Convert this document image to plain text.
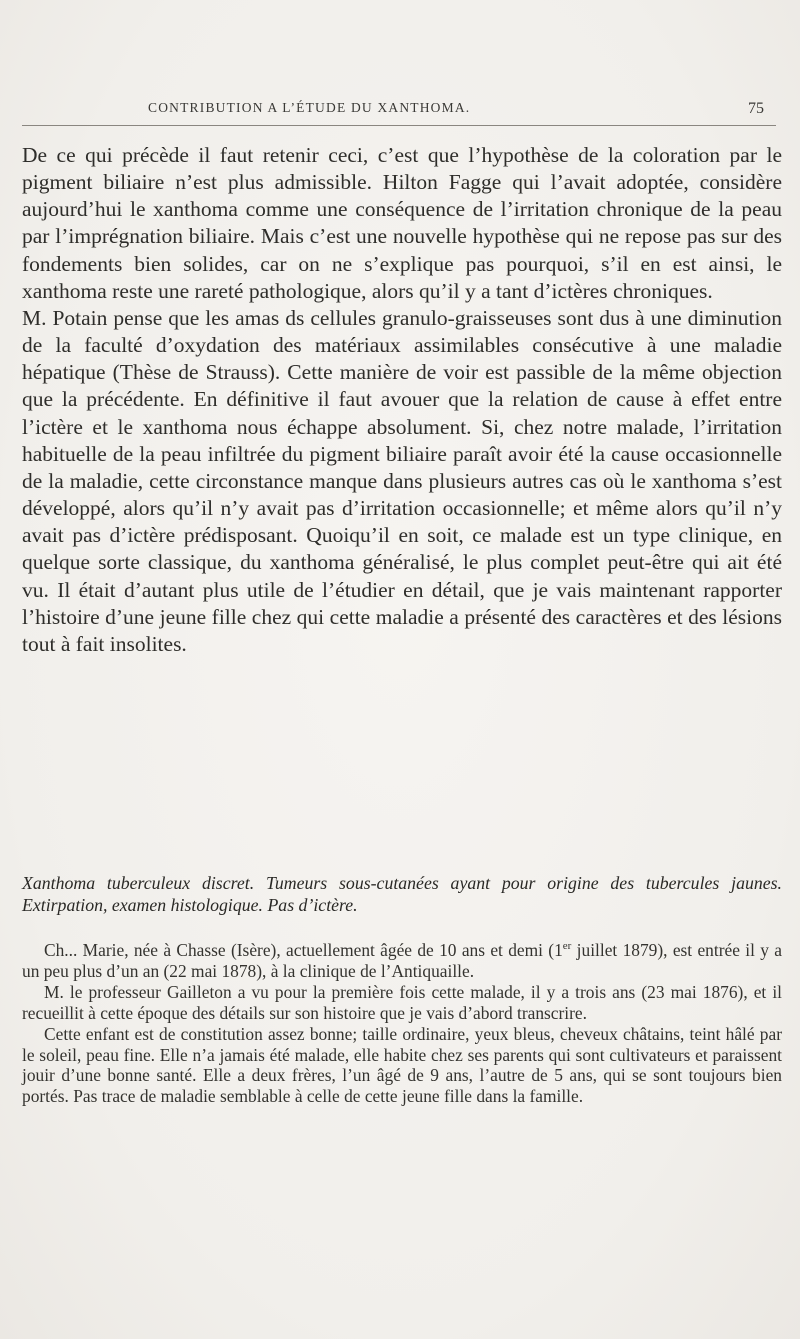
CONTRIBUTION A L’ÉTUDE DU XANTHOMA.	75

De ce qui précède il faut retenir ceci, c’est que l’hypothèse de la coloration par le pigment biliaire n’est plus admissible. Hilton Fagge qui l’avait adoptée, considère aujourd’hui le xanthoma comme une conséquence de l’irritation chronique de la peau par l’imprégnation biliaire. Mais c’est une nouvelle hypothèse qui ne repose pas sur des fondements bien solides, car on ne s’explique pas pourquoi, s’il en est ainsi, le xanthoma reste une rareté pathologique, alors qu’il y a tant d’ictères chroniques.

M. Potain pense que les amas ds cellules granulo-graisseuses sont dus à une diminution de la faculté d’oxydation des matériaux assimilables consécutive à une maladie hépatique (Thèse de Strauss). Cette manière de voir est passible de la même objection que la précédente. En définitive il faut avouer que la relation de cause à effet entre l’ictère et le xanthoma nous échappe absolument. Si, chez notre malade, l’irritation habituelle de la peau infiltrée du pigment biliaire paraît avoir été la cause occasionnelle de la maladie, cette circonstance manque dans plusieurs autres cas où le xanthoma s’est développé, alors qu’il n’y avait pas d’irritation occasionnelle; et même alors qu’il n’y avait pas d’ictère prédisposant. Quoiqu’il en soit, ce malade est un type clinique, en quelque sorte classique, du xanthoma généralisé, le plus complet peut-être qui ait été vu. Il était d’autant plus utile de l’étudier en détail, que je vais maintenant rapporter l’histoire d’une jeune fille chez qui cette maladie a présenté des caractères et des lésions tout à fait insolites.

Xanthoma tuberculeux discret. Tumeurs sous-cutanées ayant pour origine des tubercules jaunes. Extirpation, examen histologique. Pas d’ictère.

Ch... Marie, née à Chasse (Isère), actuellement âgée de 10 ans et demi (1er juillet 1879), est entrée il y a un peu plus d’un an (22 mai 1878), à la clinique de l’Antiquaille.

M. le professeur Gailleton a vu pour la première fois cette malade, il y a trois ans (23 mai 1876), et il recueillit à cette époque des détails sur son histoire que je vais d’abord transcrire.

Cette enfant est de constitution assez bonne; taille ordinaire, yeux bleus, cheveux châtains, teint hâlé par le soleil, peau fine. Elle n’a jamais été malade, elle habite chez ses parents qui sont cultivateurs et paraissent jouir d’une bonne santé. Elle a deux frères, l’un âgé de 9 ans, l’autre de 5 ans, qui se sont toujours bien portés. Pas trace de maladie semblable à celle de cette jeune fille dans la famille.
